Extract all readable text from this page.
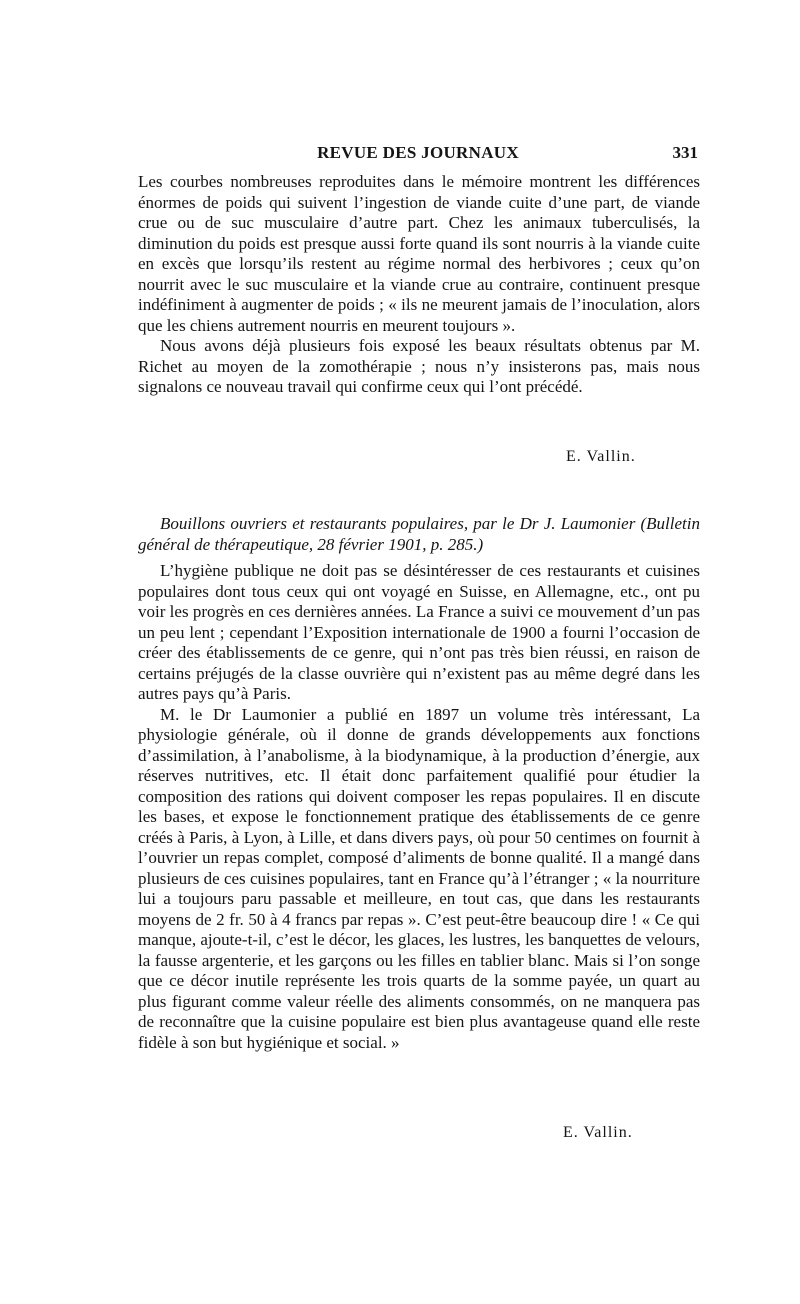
REVUE DES JOURNAUX	331

Les courbes nombreuses reproduites dans le mémoire montrent les différences énormes de poids qui suivent l’ingestion de viande cuite d’une part, de viande crue ou de suc musculaire d’autre part. Chez les animaux tuberculisés, la diminution du poids est presque aussi forte quand ils sont nourris à la viande cuite en excès que lorsqu’ils restent au régime normal des herbivores ; ceux qu’on nourrit avec le suc musculaire et la viande crue au contraire, continuent presque indéfiniment à augmenter de poids ; « ils ne meurent jamais de l’inoculation, alors que les chiens autrement nourris en meurent toujours ».

Nous avons déjà plusieurs fois exposé les beaux résultats obtenus par M. Richet au moyen de la zomothérapie ; nous n’y insisterons pas, mais nous signalons ce nouveau travail qui confirme ceux qui l’ont précédé.

E. Vallin.

Bouillons ouvriers et restaurants populaires, par le Dr J. Laumonier (Bulletin général de thérapeutique, 28 février 1901, p. 285.)

L’hygiène publique ne doit pas se désintéresser de ces restaurants et cuisines populaires dont tous ceux qui ont voyagé en Suisse, en Allemagne, etc., ont pu voir les progrès en ces dernières années. La France a suivi ce mouvement d’un pas un peu lent ; cependant l’Exposition internationale de 1900 a fourni l’occasion de créer des établissements de ce genre, qui n’ont pas très bien réussi, en raison de certains préjugés de la classe ouvrière qui n’existent pas au même degré dans les autres pays qu’à Paris.

M. le Dr Laumonier a publié en 1897 un volume très intéressant, La physiologie générale, où il donne de grands développements aux fonctions d’assimilation, à l’anabolisme, à la biodynamique, à la production d’énergie, aux réserves nutritives, etc. Il était donc parfaitement qualifié pour étudier la composition des rations qui doivent composer les repas populaires. Il en discute les bases, et expose le fonctionnement pratique des établissements de ce genre créés à Paris, à Lyon, à Lille, et dans divers pays, où pour 50 centimes on fournit à l’ouvrier un repas complet, composé d’aliments de bonne qualité. Il a mangé dans plusieurs de ces cuisines populaires, tant en France qu’à l’étranger ; « la nourriture lui a toujours paru passable et meilleure, en tout cas, que dans les restaurants moyens de 2 fr. 50 à 4 francs par repas ». C’est peut-être beaucoup dire ! « Ce qui manque, ajoute-t-il, c’est le décor, les glaces, les lustres, les banquettes de velours, la fausse argenterie, et les garçons ou les filles en tablier blanc. Mais si l’on songe que ce décor inutile représente les trois quarts de la somme payée, un quart au plus figurant comme valeur réelle des aliments consommés, on ne manquera pas de reconnaître que la cuisine populaire est bien plus avantageuse quand elle reste fidèle à son but hygiénique et social. »

E. Vallin.
